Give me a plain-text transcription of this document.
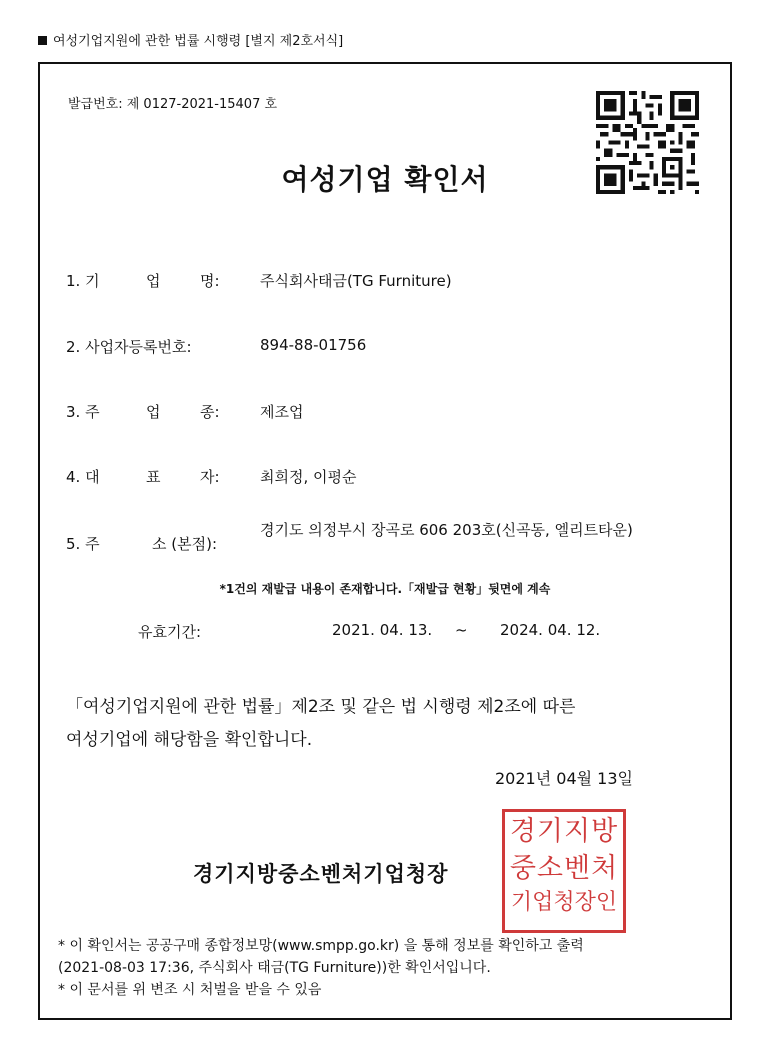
여성기업지원에 관한 법률 시행령 [별지 제2호서식]
발급번호: 제 0127-2021-15407 호
여성기업 확인서
1. 기	업	명:	주식회사태금(TG Furniture)
2. 사업자등록번호:	894-88-01756
3. 주	업	종:	제조업
4. 대	표	자:	최희정, 이평순
5. 주	소 (본점):
경기도 의정부시 장곡로 606 203호(신곡동, 엘리트타운)
*1건의 재발급 내용이 존재합니다.「재발급 현황」뒷면에 계속
유효기간:	2021. 04. 13. ~ 2024. 04. 12.
「여성기업지원에 관한 법률」제2조 및 같은 법 시행령 제2조에 따른
여성기업에 해당함을 확인합니다.
2021년 04월 13일
경기지방중소벤처기업청장
경기지방
중소벤처
기업청장인
* 이 확인서는 공공구매 종합정보망(www.smpp.go.kr) 을 통해 정보를 확인하고 출력
(2021-08-03 17:36, 주식회사 태금(TG Furniture))한 확인서입니다.
* 이 문서를 위 변조 시 처벌을 받을 수 있음
